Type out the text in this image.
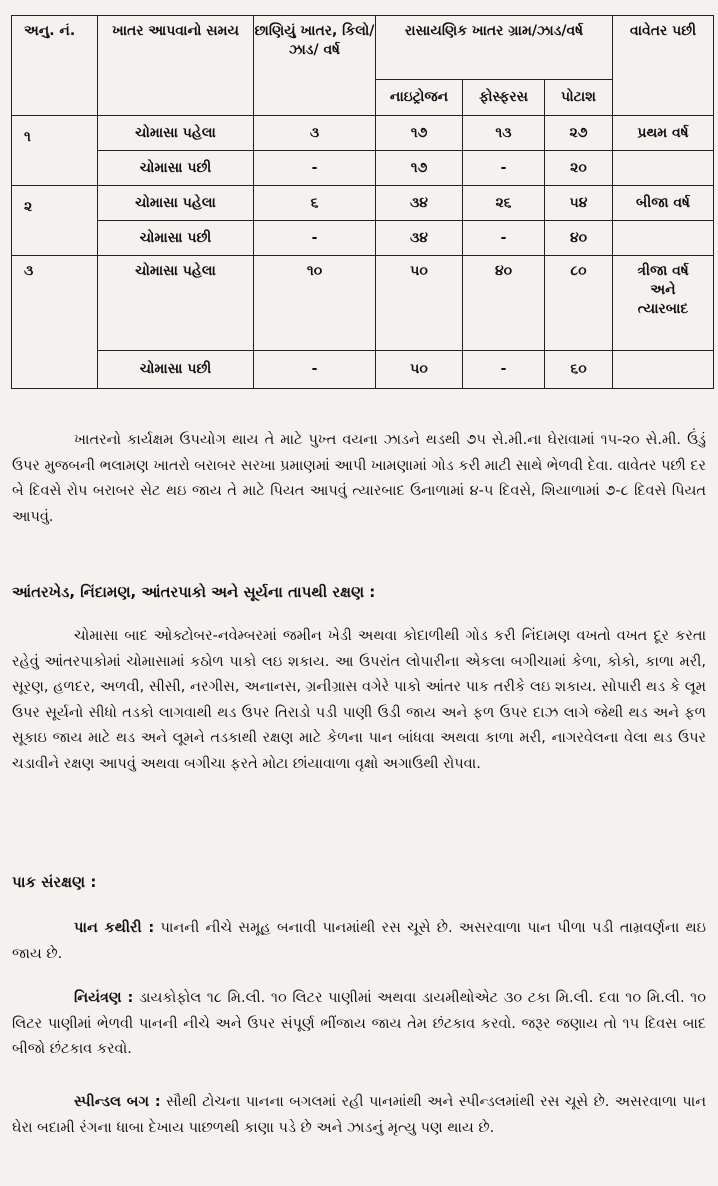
અનુ. નં.	ખાતર આપવાનો સમય	છાણિયું ખાતર, કિલો/ઝાડ/ વર્ષ	રાસાયણિક ખાતર ગ્રામ/ઝાડ/વર્ષ			વાવેતર પછી
			નાઇટ્રોજન	ફોસ્ફરસ	પોટાશ	
૧	ચોમાસા પહેલા	૩	૧૭	૧૩	૨૭	પ્રથમ વર્ષ
	ચોમાસા પછી	-	૧૭	-	૨૦	
૨	ચોમાસા પહેલા	૬	૩૪	૨૬	૫૪	બીજા વર્ષ
	ચોમાસા પછી	-	૩૪	-	૪૦	
૩	ચોમાસા પહેલા	૧૦	૫૦	૪૦	૮૦	ત્રીજા વર્ષ
અને
ત્યારબાદ

	ચોમાસા પછી	-	૫૦	-	૬૦	
ખાતરનો કાર્યક્ષમ ઉપયોગ થાય તે માટે પુખ્ત વયના ઝાડને થડથી ૭૫ સે.મી.ના ઘેરાવામાં ૧૫-૨૦ સે.મી. ઉંડું ઉપર મુજબની ભલામણ ખાતરો બરાબર સરખા પ્રમાણમાં આપી ખામણામાં ગોડ કરી માટી સાથે ભેળવી દેવા. વાવેતર પછી દર બે દિવસે રોપ બરાબર સેટ થઇ જાય તે માટે પિયત આપવું ત્યારબાદ ઉનાળામાં ૪-૫ દિવસે, શિયાળામાં ૭-૮ દિવસે પિયત આપવું.
આંતરખેડ, નિંદામણ, આંતરપાકો અને સૂર્યના તાપથી રક્ષણ :
ચોમાસા બાદ ઓક્ટોબર-નવેમ્બરમાં જમીન ખેડી અથવા કોદાળીથી ગોડ કરી નિંદામણ વખતો વખત દૂર કરતા રહેવું આંતરપાકોમાં ચોમાસામાં કઠોળ પાકો લઇ શકાય. આ ઉપરાંત લોપારીના એકલા બગીચામાં કેળા, કોકો, કાળા મરી, સૂરણ, હળદર, અળવી, સીસી, નરગીસ, અનાનસ, ગ્રનીગ્રાસ વગેરે પાકો આંતર પાક તરીકે લઇ શકાય. સોપારી થડ કે લૂમ ઉપર સૂર્યનો સીધો તડકો લાગવાથી થડ ઉપર તિરાડો પડી પાણી ઉડી જાય અને ફળ ઉપર દાઝ લાગે જેથી થડ અને ફળ સૂકાઇ જાય માટે થડ અને લૂમને તડકાથી રક્ષણ માટે કેળના પાન બાંધવા અથવા કાળા મરી, નાગરવેલના વેલા થડ ઉપર ચડાવીને રક્ષણ આપવું અથવા બગીચા ફરતે મોટા છાંયાવાળા વૃક્ષો અગાઉથી રોપવા.
પાક સંરક્ષણ :
પાન કથીરી : પાનની નીચે સમૂહ બનાવી પાનમાંથી રસ ચૂસે છે. અસરવાળા પાન પીળા પડી તામ્રવર્ણના થઇ જાય છે.
નિયંત્રણ : ડાયકોફોલ ૧૮ મિ.લી. ૧૦ લિટર પાણીમાં અથવા ડાયમીથોએટ ૩૦ ટકા મિ.લી. દવા ૧૦ મિ.લી. ૧૦ લિટર પાણીમાં ભેળવી પાનની નીચે અને ઉપર સંપૂર્ણ ભીંજાય જાય તેમ છંટકાવ કરવો. જરૂર જણાય તો ૧૫ દિવસ બાદ બીજો છંટકાવ કરવો.
સ્પીન્ડલ બગ : સૌથી ટોચના પાનના બગલમાં રહી પાનમાંથી અને સ્પીન્ડલમાંથી રસ ચૂસે છે. અસરવાળા પાન ઘેરા બદામી રંગના ધાબા દેખાય પાછળથી કાણા પડે છે અને ઝાડનું મૃત્યુ પણ થાય છે.
